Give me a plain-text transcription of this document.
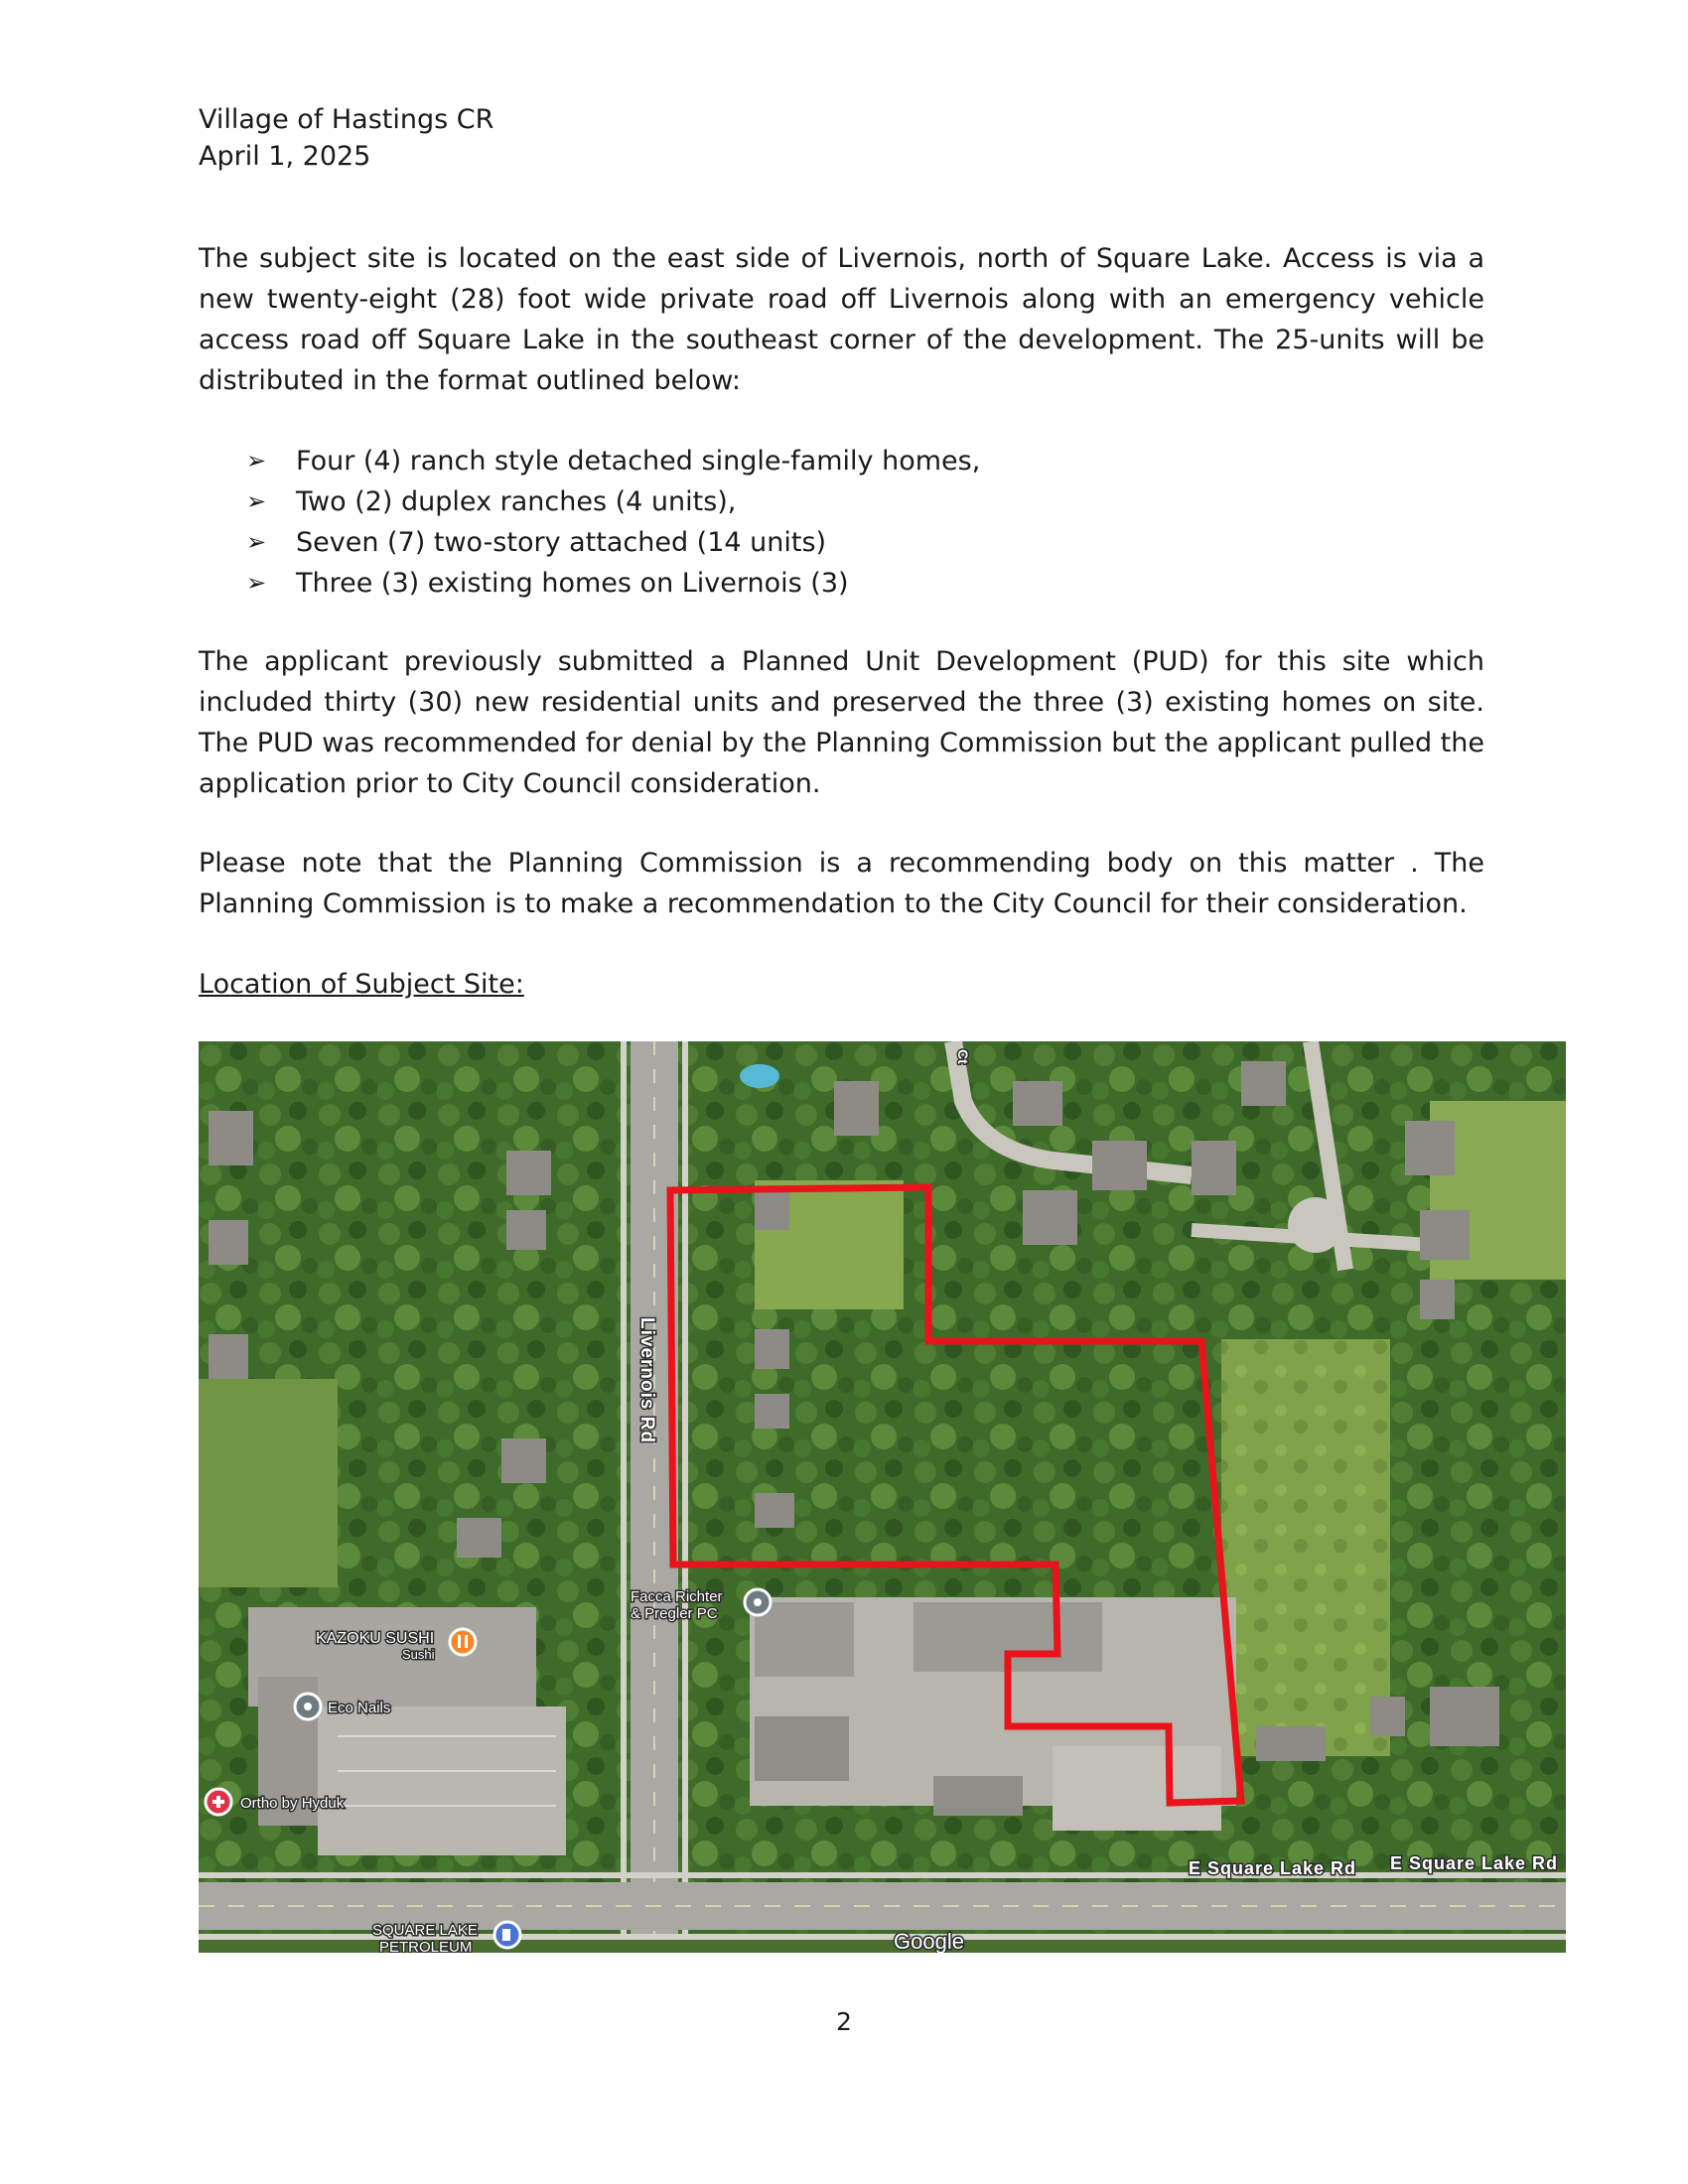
Village of Hastings CR
April 1, 2025
The subject site is located on the east side of Livernois, north of Square Lake. Access is via a new twenty-eight (28) foot wide private road off Livernois along with an emergency vehicle access road off Square Lake in the southeast corner of the development. The 25-units will be distributed in the format outlined below:
➢ Four (4) ranch style detached single-family homes,
➢ Two (2) duplex ranches (4 units),
➢ Seven (7) two-story attached (14 units)
➢ Three (3) existing homes on Livernois (3)
The applicant previously submitted a Planned Unit Development (PUD) for this site which included thirty (30) new residential units and preserved the three (3) existing homes on site. The PUD was recommended for denial by the Planning Commission but the applicant pulled the application prior to City Council consideration.
Please note that the Planning Commission is a recommending body on this matter . The Planning Commission is to make a recommendation to the City Council for their consideration.
Location of Subject Site:
Livernois Rd
E Square Lake Rd E Square Lake Rd
Ct
Facca Richter
& Pregler PC
KAZOKU SUSHI
Sushi
Eco Nails
Ortho by Hyduk
SQUARE LAKE
PETROLEUM	Google
2
